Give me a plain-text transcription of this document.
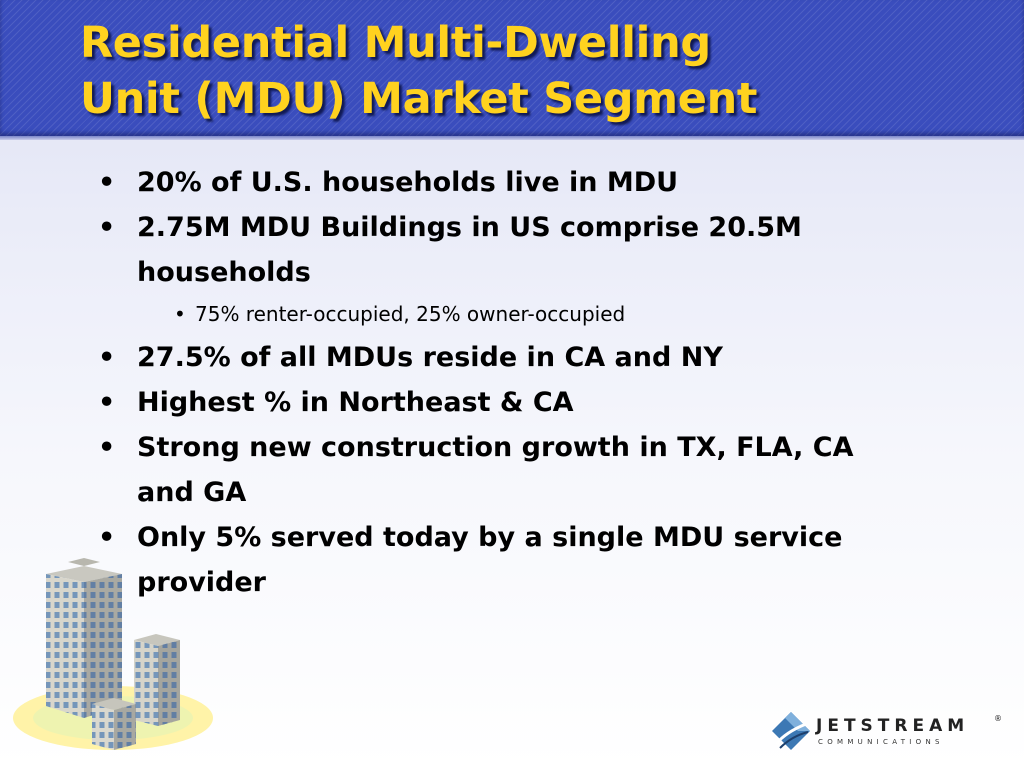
Residential Multi-Dwelling
Unit (MDU) Market Segment
• 20% of U.S. households live in MDU
• 2.75M MDU Buildings in US comprise 20.5M households
• 75% renter-occupied, 25% owner-occupied
• 27.5% of all MDUs reside in CA and NY
• Highest % in Northeast & CA
• Strong new construction growth in TX, FLA, CA and GA
• Only 5% served today by a single MDU service provider
JETSTREAM	®
COMMUNICATIONS
